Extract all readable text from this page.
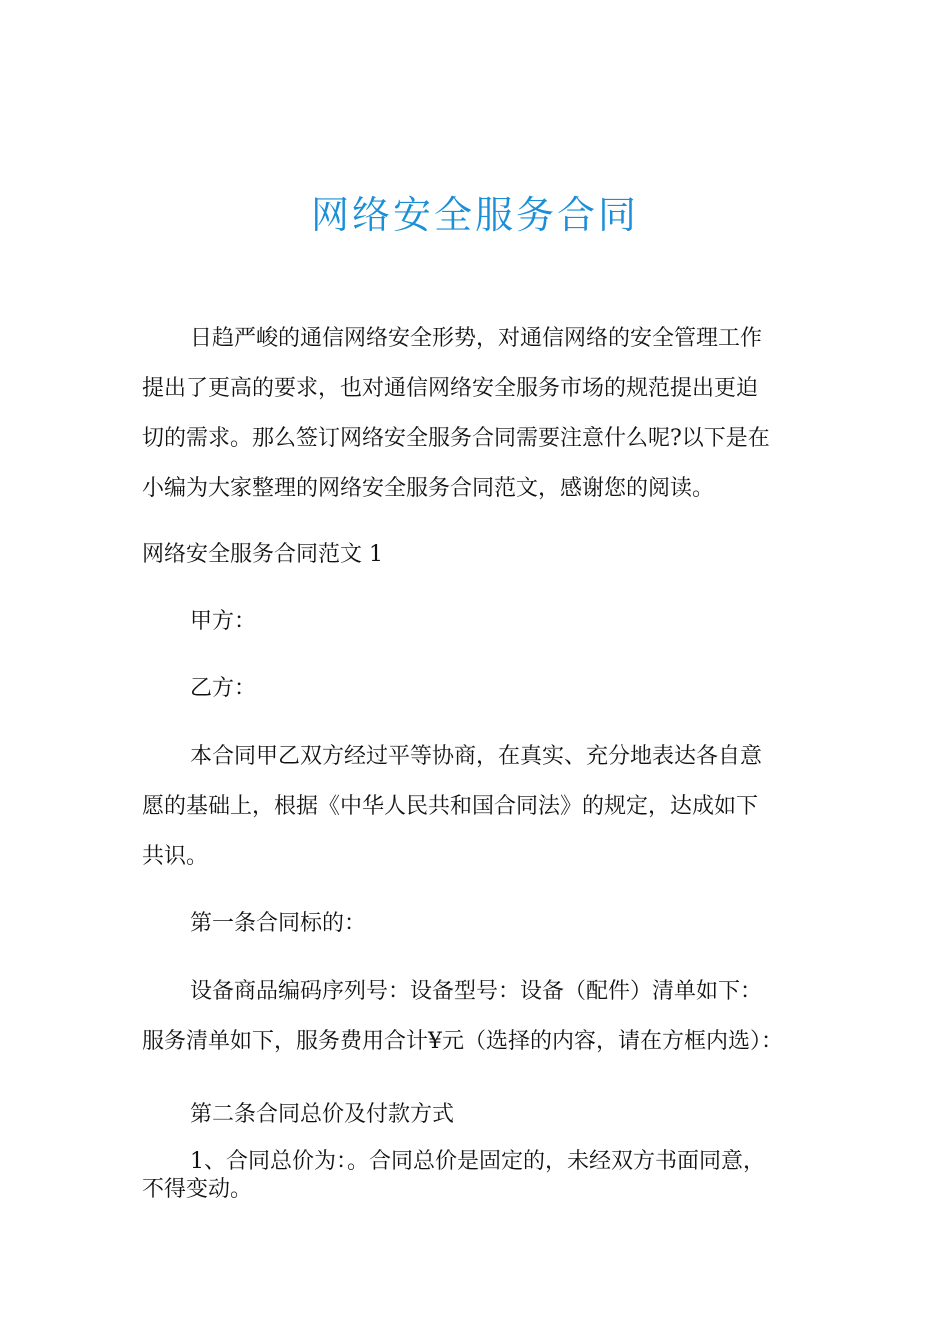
网络安全服务合同
日趋严峻的通信网络安全形势，对通信网络的安全管理工作
提出了更高的要求，也对通信网络安全服务市场的规范提出更迫
切的需求。那么签订网络安全服务合同需要注意什么呢?以下是在
小编为大家整理的网络安全服务合同范文，感谢您的阅读。
网络安全服务合同范文 1
甲方：
乙方：
本合同甲乙双方经过平等协商，在真实、充分地表达各自意
愿的基础上，根据《中华人民共和国合同法》的规定，达成如下
共识。
第一条合同标的：
设备商品编码序列号：设备型号：设备（配件）清单如下：
服务清单如下，服务费用合计¥元（选择的内容，请在方框内选）：
第二条合同总价及付款方式
1、合同总价为：。合同总价是固定的，未经双方书面同意，
不得变动。
